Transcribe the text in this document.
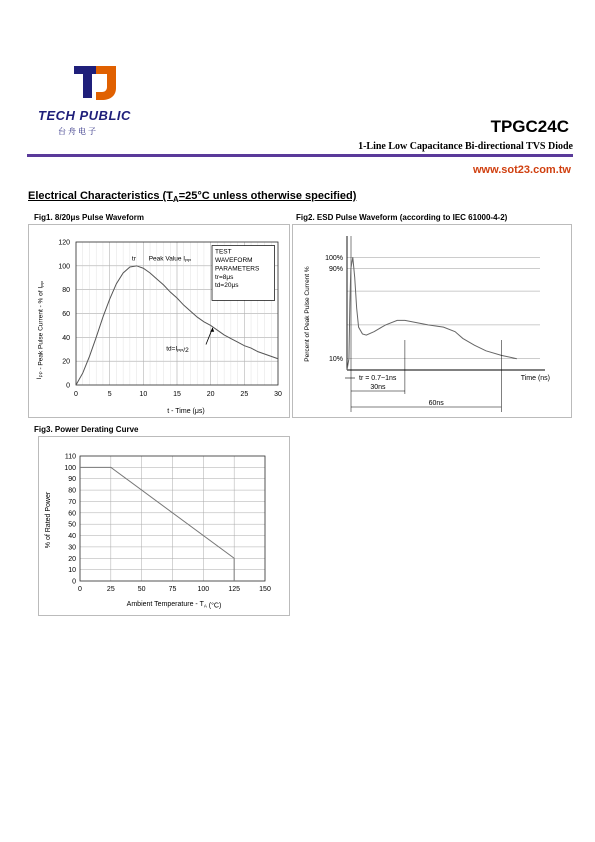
TECH PUBLIC
台舟电子	TPGC24C
1-Line Low Capacitance Bi-directional TVS Diode
www.sot23.com.tw
Electrical Characteristics ($T_A=25^\circ C$ unless otherwise specified)
Fig1. 8/20μs Pulse Waveform	Fig2. ESD Pulse Waveform (according to IEC 61000-4-2)
Fig3. Power Derating Curve
0
20
40
60
80
100
120
0	5	10	15	20	25	30
tr Peak Value $I_{PP}$
TEST
WAVEFORM
PARAMETERS
tr=8μs
td=20μs
$td=I_{PP}/2$
t - Time (μs)
$I_{PP}$ - Peak Pulse Current - % of $I_{PP}$
100%
90%
10%
tr = 0.7~1ns
30ns
60ns
Time (ns)
Percent of Peak Pulse Current %
0
10
20
30
40
50
60
70
80
90
100
110
0	25	50	75	100	125	150
Ambient Temperature - $T_A$ (°C)
% of Rated Power
